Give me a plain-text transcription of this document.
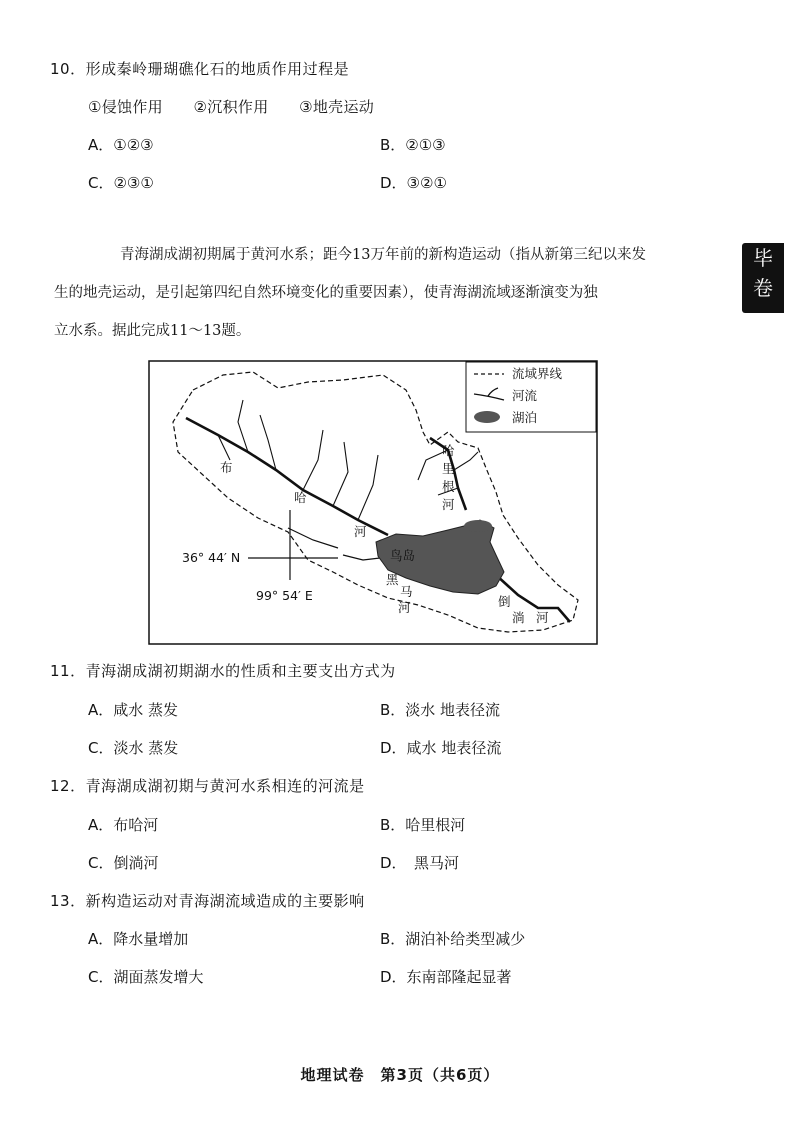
10．形成秦岭珊瑚礁化石的地质作用过程是
①侵蚀作用　　②沉积作用　　③地壳运动
A．①②③	B．②①③
C．②③①	D．③②①
毕
卷
青海湖成湖初期属于黄河水系；距今13万年前的新构造运动（指从新第三纪以来发
生的地壳运动，是引起第四纪自然环境变化的重要因素），使青海湖流域逐渐演变为独
立水系。据此完成11～13题。
流域界线
河流
湖泊
布
哈
河
哈
里
根
河
鸟岛
黑
马
河	倒
淌 河
36° 44′ N
99° 54′ E
11．青海湖成湖初期湖水的性质和主要支出方式为
A．咸水 蒸发	B．淡水 地表径流
C．淡水 蒸发	D．咸水 地表径流
12．青海湖成湖初期与黄河水系相连的河流是
A．布哈河	B．哈里根河
C．倒淌河	D．　黑马河
13．新构造运动对青海湖流域造成的主要影响
A．降水量增加	B．湖泊补给类型减少
C．湖面蒸发增大	D．东南部隆起显著
地理试卷　第3页（共6页）
